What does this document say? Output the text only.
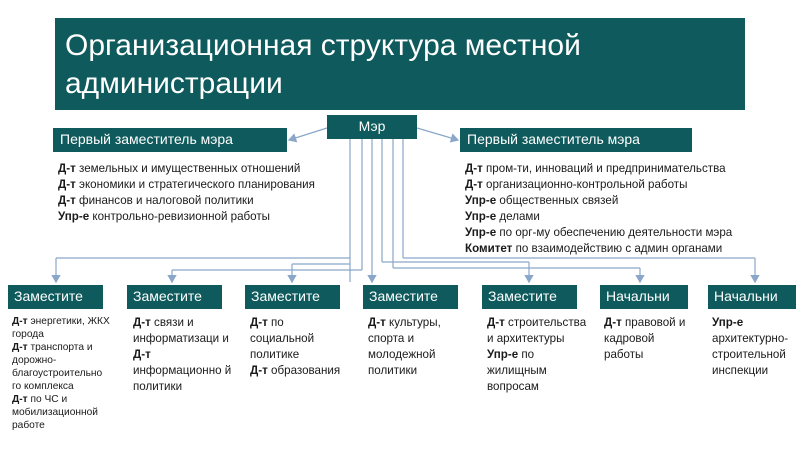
Организационная структура местной
администрации
Мэр
Первый заместитель мэра	Первый заместитель мэра
Д-т земельных и имущественных отношений
Д-т экономики и стратегического планирования
Д-т финансов и налоговой политики
Упр-е контрольно-ревизионной работы
Д-т пром-ти, инноваций и предпринимательства
Д-т организационно-контрольной работы
Упр-е общественных связей
Упр-е делами
Упр-е по орг-му обеспечению деятельности мэра
Комитет по взаимодействию с админ органами
Заместите
Д-т энергетики, ЖКХ города
Д-т транспорта и дорожно-благоустроительно го комплекса
Д-т по ЧС и мобилизационной работе
Заместите
Д-т связи и информатизаци и
Д-т информационно й политики
Заместите
Д-т по социальной политике
Д-т образования
Заместите
Д-т культуры, спорта и молодежной политики
Заместите
Д-т строительства и архитектуры
Упр-е по жилищным вопросам
Начальни
Д-т правовой и кадровой работы
Начальни
Упр-е архитектурно-строительной инспекции
